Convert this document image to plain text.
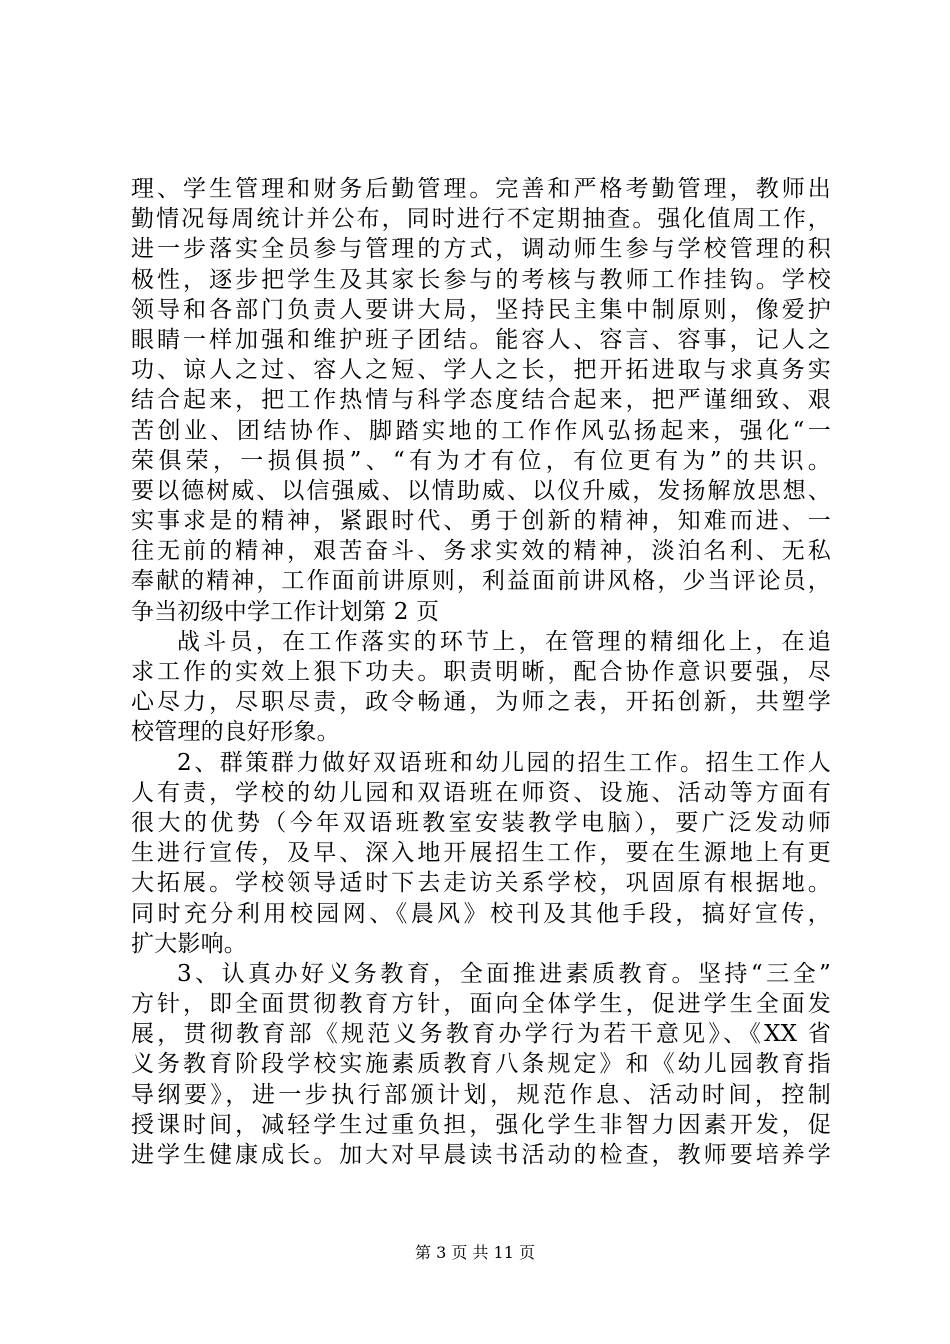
理、学生管理和财务后勤管理。完善和严格考勤管理，教师出
勤情况每周统计并公布，同时进行不定期抽查。强化值周工作，
进一步落实全员参与管理的方式，调动师生参与学校管理的积
极性，逐步把学生及其家长参与的考核与教师工作挂钩。学校
领导和各部门负责人要讲大局，坚持民主集中制原则，像爱护
眼睛一样加强和维护班子团结。能容人、容言、容事，记人之
功、谅人之过、容人之短、学人之长，把开拓进取与求真务实
结合起来，把工作热情与科学态度结合起来，把严谨细致、艰
苦创业、团结协作、脚踏实地的工作作风弘扬起来，强化“一
荣俱荣，一损俱损”、“有为才有位，有位更有为”的共识。
要以德树威、以信强威、以情助威、以仪升威，发扬解放思想、
实事求是的精神，紧跟时代、勇于创新的精神，知难而进、一
往无前的精神，艰苦奋斗、务求实效的精神，淡泊名利、无私
奉献的精神，工作面前讲原则，利益面前讲风格，少当评论员，
争当初级中学工作计划第 2 页
战斗员，在工作落实的环节上，在管理的精细化上，在追
求工作的实效上狠下功夫。职责明晰，配合协作意识要强，尽
心尽力，尽职尽责，政令畅通，为师之表，开拓创新，共塑学
校管理的良好形象。
2、群策群力做好双语班和幼儿园的招生工作。招生工作人
人有责，学校的幼儿园和双语班在师资、设施、活动等方面有
很大的优势（今年双语班教室安装教学电脑），要广泛发动师
生进行宣传，及早、深入地开展招生工作，要在生源地上有更
大拓展。学校领导适时下去走访关系学校，巩固原有根据地。
同时充分利用校园网、《晨风》校刊及其他手段，搞好宣传，
扩大影响。
3、认真办好义务教育，全面推进素质教育。坚持“三全”
方针，即全面贯彻教育方针，面向全体学生，促进学生全面发
展，贯彻教育部《规范义务教育办学行为若干意见》、《XX 省
义务教育阶段学校实施素质教育八条规定》和《幼儿园教育指
导纲要》，进一步执行部颁计划，规范作息、活动时间，控制
授课时间，减轻学生过重负担，强化学生非智力因素开发，促
进学生健康成长。加大对早晨读书活动的检查，教师要培养学
第 3 页 共 11 页
